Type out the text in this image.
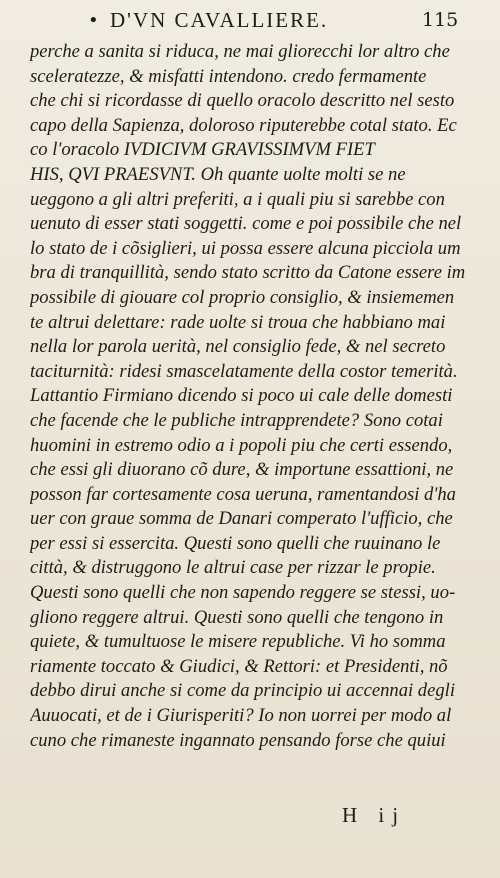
• D'VN CAVALLIERE.	115
perche a sanita si riduca, ne mai gliorecchi lor altro che
sceleratezze, & misfatti intendono. credo fermamente
che chi si ricordasse di quello oracolo descritto nel sesto
capo della Sapienza, doloroso riputerebbe cotal stato. Ec
co l'oracolo IVDICIVM GRAVISSIMVM FIET
HIS, QVI PRAESVNT. Oh quante uolte molti se ne
ueggono a gli altri preferiti, a i quali piu si sarebbe con
uenuto di esser stati soggetti. come e poi possibile che nel
lo stato de i cõsiglieri, ui possa essere alcuna picciola um
bra di tranquillità, sendo stato scritto da Catone essere im
possibile di giouare col proprio consiglio, & insiememen
te altrui delettare: rade uolte si troua che habbiano mai
nella lor parola uerità, nel consiglio fede, & nel secreto
taciturnità: ridesi smascelatamente della costor temerità.
Lattantio Firmiano dicendo si poco ui cale delle domesti
che facende che le publiche intrapprendete? Sono cotai
huomini in estremo odio a i popoli piu che certi essendo,
che essi gli diuorano cõ dure, & importune essattioni, ne
posson far cortesamente cosa ueruna, ramentandosi d'ha
uer con graue somma de Danari comperato l'ufficio, che
per essi si essercita. Questi sono quelli che ruuinano le
città, & distruggono le altrui case per rizzar le propie.
Questi sono quelli che non sapendo reggere se stessi, uo-
gliono reggere altrui. Questi sono quelli che tengono in
quiete, & tumultuose le misere republiche. Vi ho somma
riamente toccato & Giudici, & Rettori: et Presidenti, nõ
debbo dirui anche si come da principio ui accennai degli
Auuocati, et de i Giurisperiti? Io non uorrei per modo al
cuno che rimaneste ingannato pensando forse che quiui
H ij
